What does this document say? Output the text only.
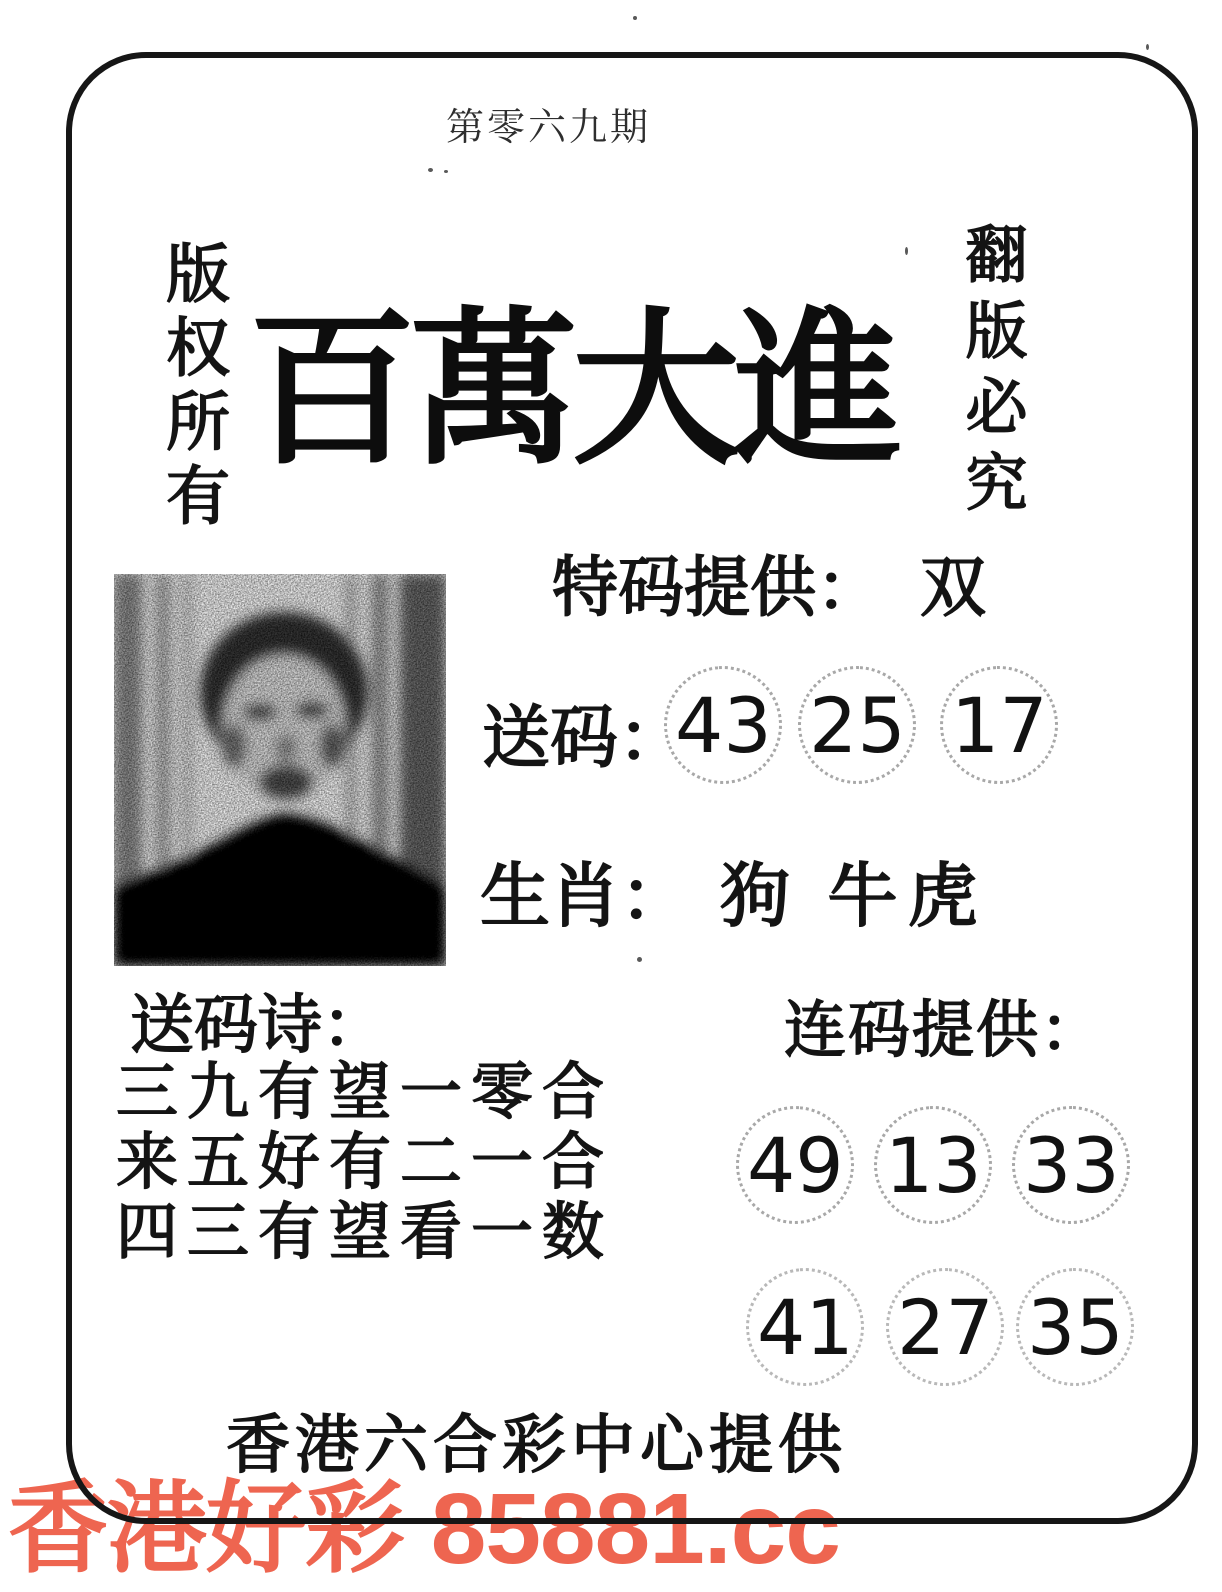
第零六九期
版权所有	翻版必究
百萬大進
特码提供： 双
送码：
43 25 17
生肖： 狗 牛虎
送码诗：
三九有望一零合
来五好有二一合
四三有望看一数
连码提供：
49 13 33
41 27 35
香港六合彩中心提供
香港好彩 85881.cc
